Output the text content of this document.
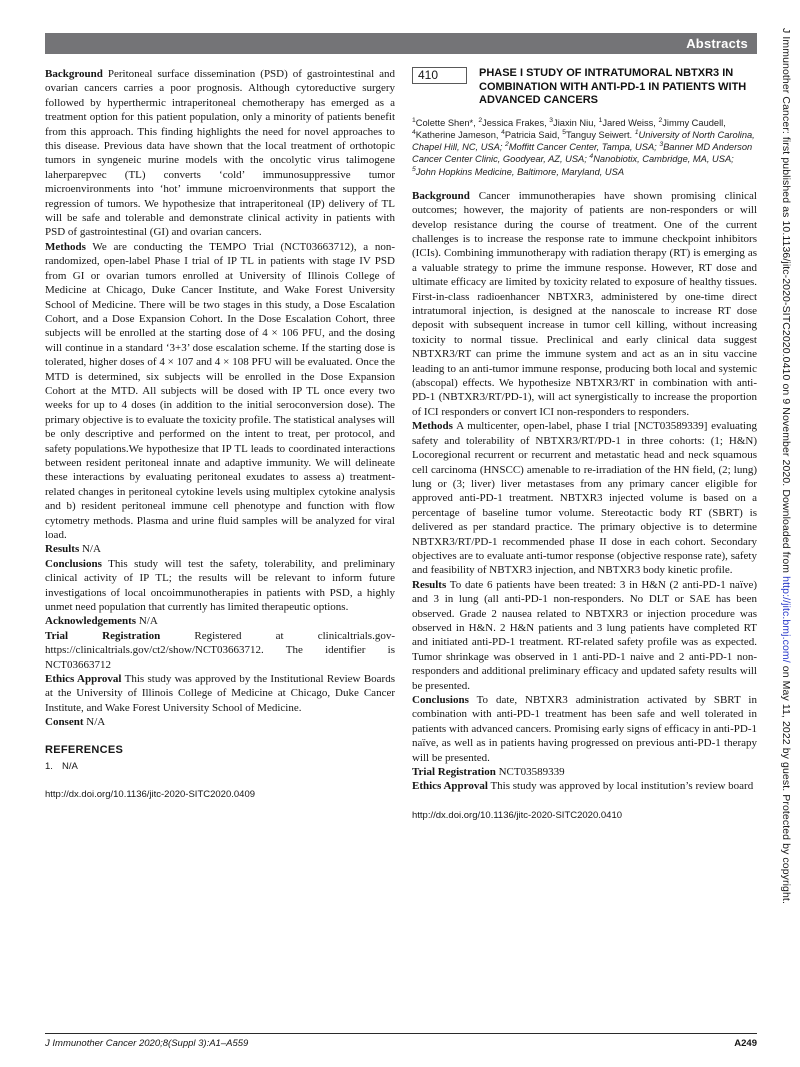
Abstracts

Background Peritoneal surface dissemination (PSD) of gastrointestinal and ovarian cancers carries a poor prognosis. Although cytoreductive surgery followed by hyperthermic intraperitoneal chemotherapy has emerged as a treatment option for this patient population, only a minority of patients benefit from this approach. This finding highlights the need for novel approaches to this disease. Previous data have shown that the local treatment of orthotopic tumors in syngeneic murine models with the oncolytic virus talimogene laherparepvec (TL) converts ‘cold’ immunosuppressive tumor microenvironments into ‘hot’ immune microenvironments that support the regression of tumors. We hypothesize that intraperitoneal (IP) delivery of TL will be safe and tolerable and demonstrate clinical activity in patients with PSD of gastrointestinal (GI) and ovarian cancers.

Methods We are conducting the TEMPO Trial (NCT03663712), a non-randomized, open-label Phase I trial of IP TL in patients with stage IV PSD from GI or ovarian tumors enrolled at University of Illinois College of Medicine at Chicago, Duke Cancer Institute, and Wake Forest University School of Medicine. There will be two stages in this study, a Dose Escalation Cohort, and a Dose Expansion Cohort. In the Dose Escalation Cohort, three subjects will be enrolled at the starting dose of 4 × 106 PFU, and the dosing will continue in a standard ‘3+3’ dose escalation scheme. If the starting dose is tolerated, higher doses of 4 × 107 and 4 × 108 PFU will be evaluated. Once the MTD is determined, six subjects will be enrolled in the Dose Expansion Cohort at the MTD. All subjects will be dosed with IP TL once every two weeks for up to 4 doses (in addition to the initial seroconversion dose). The primary objective is to evaluate the toxicity profile. The statistical analyses will be only descriptive and performed on the intent to treat, per protocol, and safety populations.We hypothesize that IP TL leads to coordinated interactions between resident peritoneal innate and adaptive immunity. We will delineate these interactions by evaluating peritoneal exudates to assess a) treatment-related changes in peritoneal cytokine levels using multiplex cytokine analysis and b) resident peritoneal immune cell phenotype and function with flow cytometry methods. Plasma and urine fluid samples will be analyzed for viral load.

Results N/A

Conclusions This study will test the safety, tolerability, and preliminary clinical activity of IP TL; the results will be relevant to inform future investigations of local oncoimmunotherapies in patients with PSD, a highly unmet need population that currently has limited therapeutic options.

Acknowledgements N/A

Trial Registration Registered at clinicaltrials.gov- https://clinicaltrials.gov/ct2/show/NCT03663712. The identifier is NCT03663712

Ethics Approval This study was approved by the Institutional Review Boards at the University of Illinois College of Medicine at Chicago, Duke Cancer Institute, and Wake Forest University School of Medicine.

Consent N/A

REFERENCES
1. N/A
http://dx.doi.org/10.1136/jitc-2020-SITC2020.0409
410	PHASE I STUDY OF INTRATUMORAL NBTXR3 IN COMBINATION WITH ANTI-PD-1 IN PATIENTS WITH ADVANCED CANCERS

$^1$Colette Shen*, $^2$Jessica Frakes, $^3$Jiaxin Niu, $^1$Jared Weiss, $^2$Jimmy Caudell, $^4$Katherine Jameson, $^4$Patricia Said, $^5$Tanguy Seiwert. $^1$University of North Carolina, Chapel Hill, NC, USA; $^2$Moffitt Cancer Center, Tampa, USA; $^3$Banner MD Anderson Cancer Center Clinic, Goodyear, AZ, USA; $^4$Nanobiotix, Cambridge, MA, USA; $^5$John Hopkins Medicine, Baltimore, Maryland, USA

Background Cancer immunotherapies have shown promising clinical outcomes; however, the majority of patients are non-responders or will develop resistance during the course of treatment. One of the current challenges is to increase the response rate to immune checkpoint inhibitors (ICIs). Combining immunotherapy with radiation therapy (RT) is emerging as a valuable strategy to prime the immune response. However, RT dose and ultimate efficacy are limited by toxicity related to exposure of healthy tissues. First-in-class radioenhancer NBTXR3, administered by one-time direct intratumoral injection, is designed at the nanoscale to increase RT dose deposit with subsequent increase in tumor cell killing, without increasing toxicity to normal tissue. Preclinical and early clinical data suggest NBTXR3/RT can prime the immune system and act as an in situ vaccine leading to an anti-tumor immune response, producing both local and systemic (abscopal) effects. We hypothesize NBTXR3/RT in combination with anti-PD-1 (NBTXR3/RT/PD-1), will act synergistically to increase the proportion of ICI responders or convert ICI non-responders to responders.

Methods A multicenter, open-label, phase I trial [NCT03589339] evaluating safety and tolerability of NBTXR3/RT/PD-1 in three cohorts: (1; H&N) Locoregional recurrent or recurrent and metastatic head and neck squamous cell carcinoma (HNSCC) amenable to re-irradiation of the HN field, (2; lung) lung or (3; liver) liver metastases from any primary cancer eligible for approved anti-PD-1 treatment. NBTXR3 injected volume is based on a percentage of baseline tumor volume. Stereotactic body RT (SBRT) is delivered as per standard practice. The primary objective is to determine NBTXR3/RT/PD-1 recommended phase II dose in each cohort. Secondary objectives are to evaluate anti-tumor response (objective response rate), safety and feasibility of NBTXR3 injection, and NBTXR3 body kinetic profile.

Results To date 6 patients have been treated: 3 in H&N (2 anti-PD-1 naïve) and 3 in lung (all anti-PD-1 non-responders. No DLT or SAE has been observed. Grade 2 nausea related to NBTXR3 or injection procedure was observed in H&N. 2 H&N patients and 3 lung patients have completed RT and initiated anti-PD-1 treatment. RT-related safety profile was as expected. Tumor shrinkage was observed in 1 anti-PD-1 naive and 2 anti-PD-1 non-responders and additional preliminary efficacy and updated safety results will be presented.

Conclusions To date, NBTXR3 administration activated by SBRT in combination with anti-PD-1 treatment has been safe and well tolerated in patients with advanced cancers. Promising early signs of efficacy in anti-PD-1 naïve, as well as in patients having progressed on previous anti-PD-1 therapy will be presented.

Trial Registration NCT03589339

Ethics Approval This study was approved by local institution’s review board

http://dx.doi.org/10.1136/jitc-2020-SITC2020.0410
J Immunother Cancer: first published as 10.1136/jitc-2020-SITC2020.0410 on 9 November 2020. Downloaded from http://jitc.bmj.com/ on May 11, 2022 by guest. Protected by copyright.
J Immunother Cancer 2020;8(Suppl 3):A1–A559	A249
